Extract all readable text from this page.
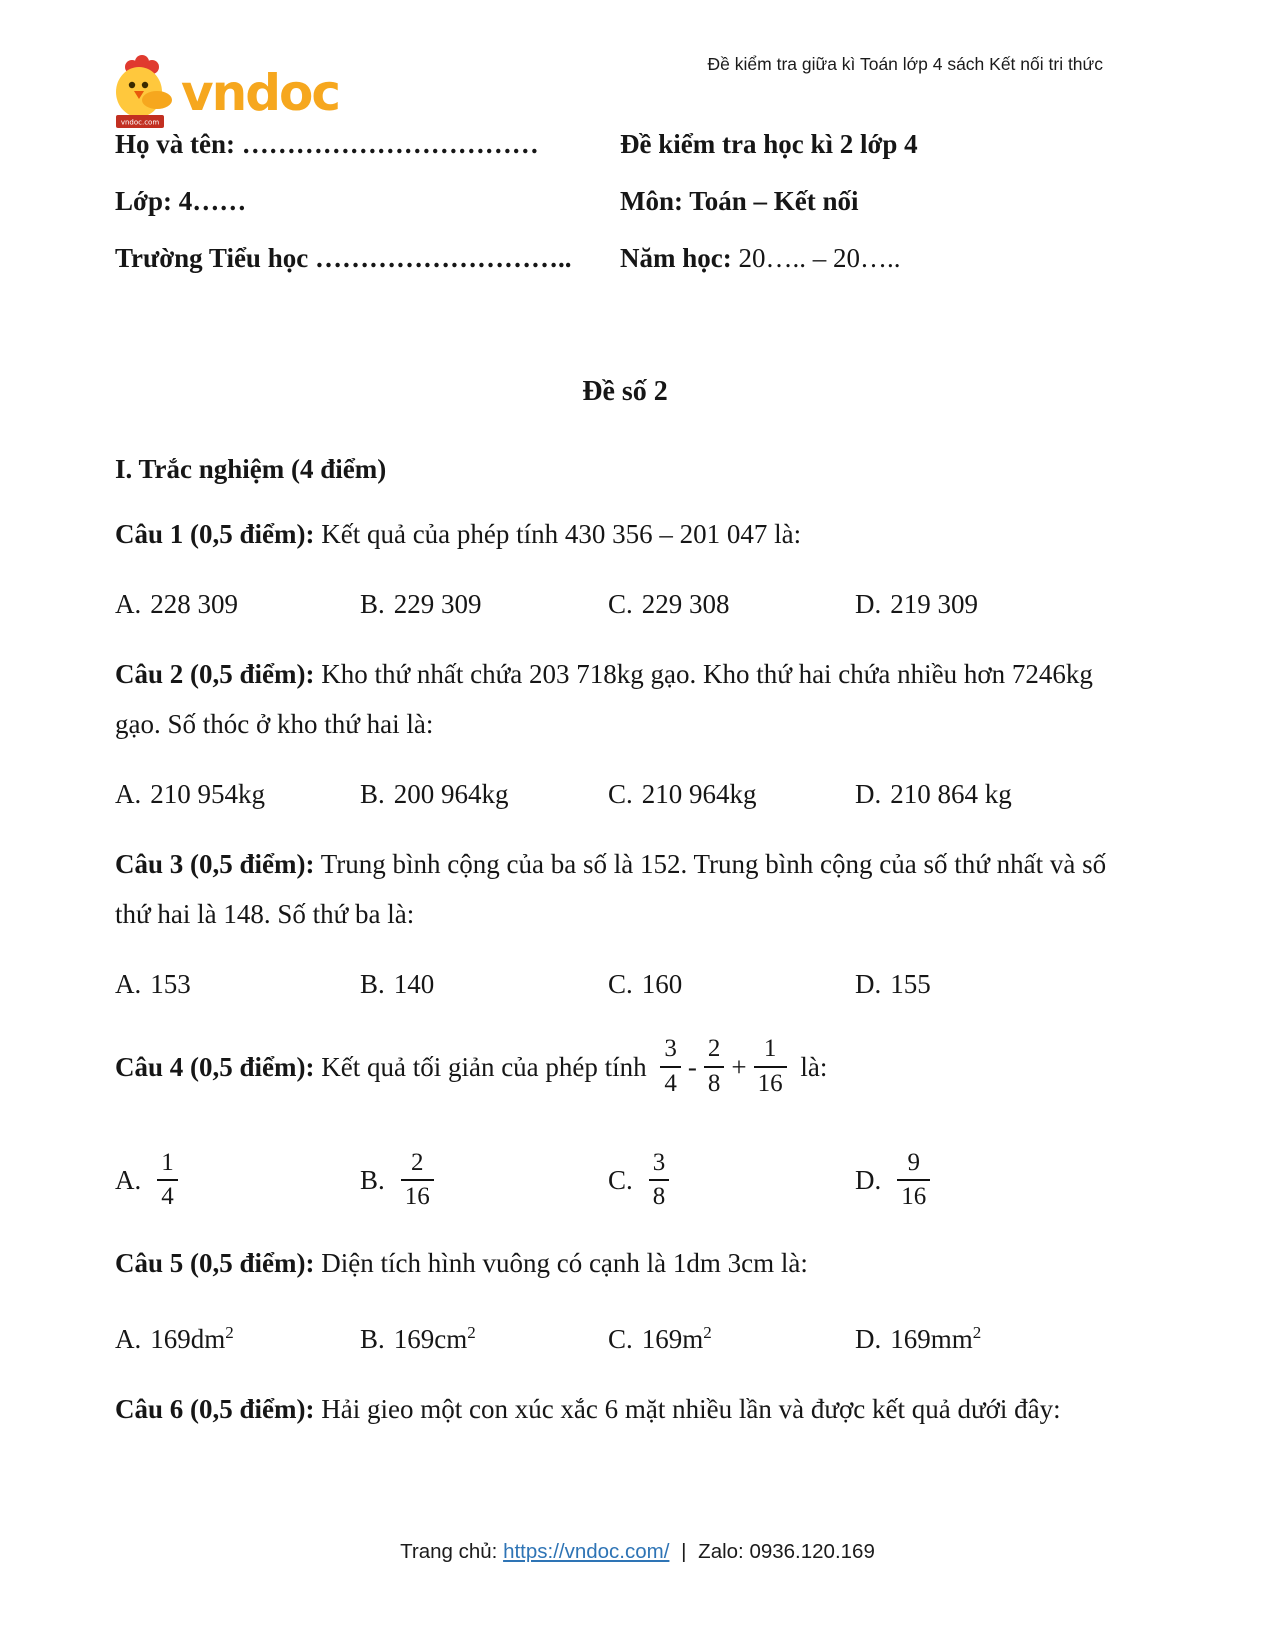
vndoc.com
vndoc	Đề kiểm tra giữa kì Toán lớp 4 sách Kết nối tri thức
Họ và tên: ……………………………	Đề kiểm tra học kì 2 lớp 4
Lớp: 4……	Môn: Toán – Kết nối
Trường Tiểu học ………………………..	Năm học: 20….. – 20…..
Đề số 2
I. Trắc nghiệm (4 điểm)

Câu 1 (0,5 điểm): Kết quả của phép tính 430 356 – 201 047 là:

A. 228 309	B. 229 309	C. 229 308	D. 219 309

Câu 2 (0,5 điểm): Kho thứ nhất chứa 203 718kg gạo. Kho thứ hai chứa nhiều hơn 7246kg gạo. Số thóc ở kho thứ hai là:

A. 210 954kg	B. 200 964kg	C. 210 964kg	D. 210 864 kg

Câu 3 (0,5 điểm): Trung bình cộng của ba số là 152. Trung bình cộng của số thứ nhất và số thứ hai là 148. Số thứ ba là:

A. 153	B. 140	C. 160	D. 155

Câu 4 (0,5 điểm): Kết quả tối giản của phép tính $\frac{3}{4} - \frac{2}{8} + \frac{1}{16}$ là:

A. $\frac{1}{4}$	B. $\frac{2}{16}$	C. $\frac{3}{8}$	D. $\frac{9}{16}$

Câu 5 (0,5 điểm): Diện tích hình vuông có cạnh là 1dm 3cm là:

A. $169dm^2$	B. $169cm^2$	C. $169m^2$	D. $169mm^2$

Câu 6 (0,5 điểm): Hải gieo một con xúc xắc 6 mặt nhiều lần và được kết quả dưới đây:

Trang chủ: https://vndoc.com/ | Zalo: 0936.120.169
